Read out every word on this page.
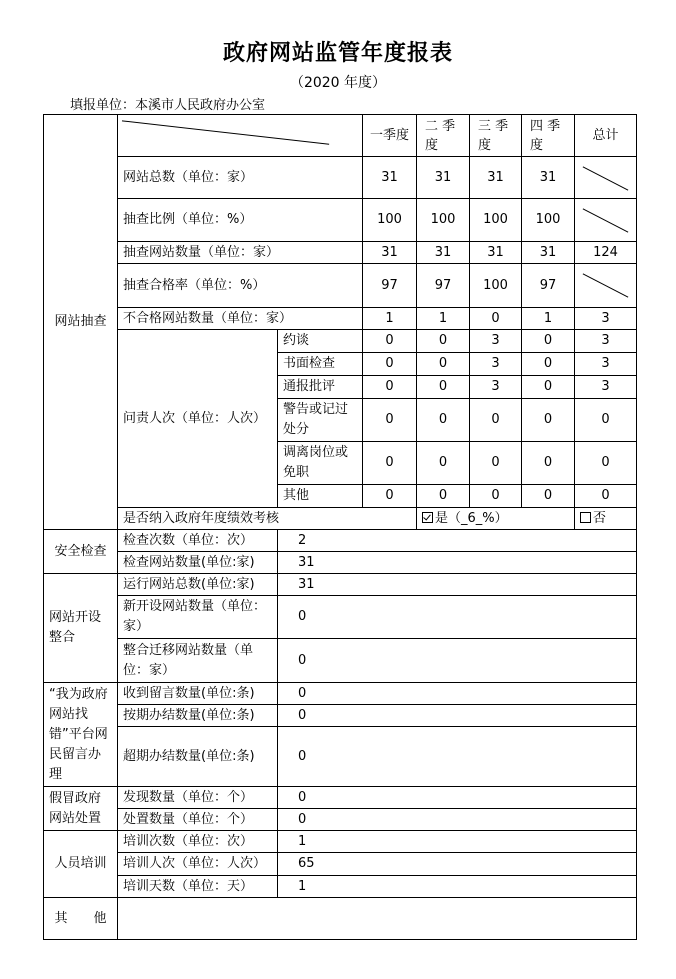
政府网站监管年度报表
（2020 年度）
填报单位：本溪市人民政府办公室
网站抽查			一季度	二 季 度	三 季 度	四 季 度	总计
	网站总数（单位：家）		31	31	31	31	

	抽查比例（单位：%）		100	100	100	100	

	抽查网站数量（单位：家）		31	31	31	31	124
	抽查合格率（单位：%）		97	97	100	97	

	不合格网站数量（单位：家）		1	1	0	1	3
	问责人次（单位：人次）	约谈	0	0	3	0	3
		书面检查	0	0	3	0	3
		通报批评	0	0	3	0	3
		警告或记过处分	0	0	0	0	0
		调离岗位或免职	0	0	0	0	0
		其他	0	0	0	0	0
	是否纳入政府年度绩效考核			是（_6_%）			否
安全检查	检查次数（单位：次）	2					
	检查网站数量(单位:家)	31					
网站开设整合	运行网站总数(单位:家)	31					
	新开设网站数量（单位：家）	0					
	整合迁移网站数量（单位：家）	0					
“我为政府网站找错”平台网民留言办理	收到留言数量(单位:条)	0					
	按期办结数量(单位:条)	0					
	超期办结数量(单位:条)	0					
假冒政府网站处置	发现数量（单位：个）	0					
	处置数量（单位：个）	0					
人员培训	培训次数（单位：次）	1					
	培训人次（单位：人次）	65					
	培训天数（单位：天）	1					
其　　他							
